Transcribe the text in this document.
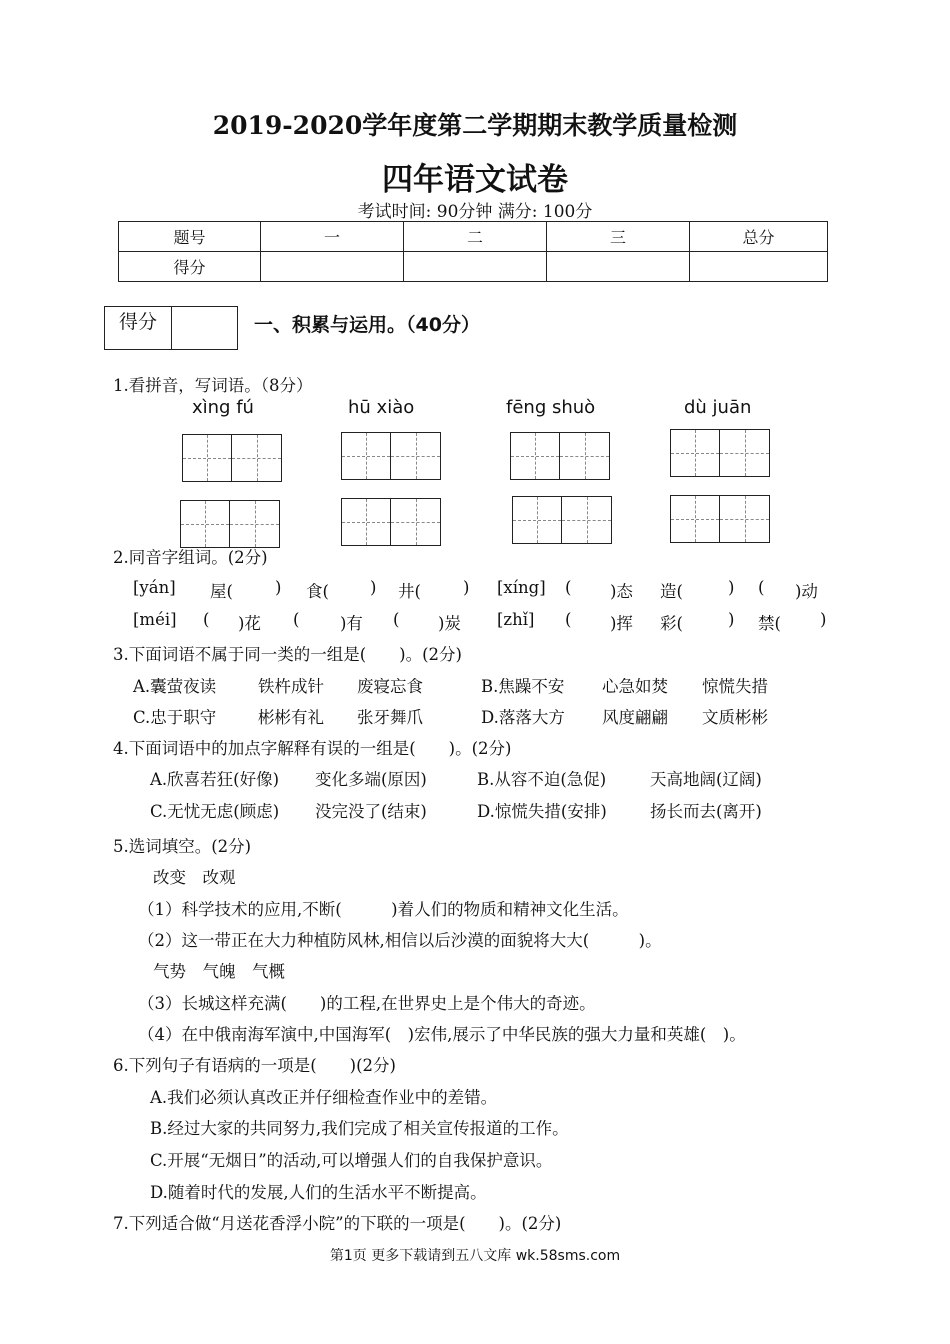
2019-2020学年度第二学期期末教学质量检测
四年语文试卷
考试时间: 90分钟 满分: 100分
题号	一	二	三	总分
得分				
得分	一、积累与运用。（40分）
1.看拼音，写词语。（8分）
xìng fú	hū xiào	fēng shuò	dù juān
2.同音字组词。(2分)
[yán] 屋(	) 食( ) 井(	) [xíng] ( )态 造(	) ( )动
[méi] ( )花 ( )有 ( )炭 [zhǐ] ( )挥 彩(	) 禁( )
3.下面词语不属于同一类的一组是(　　)。(2分)
A.囊萤夜读	铁杵成针 废寝忘食	B.焦躁不安 心急如焚 惊慌失措
C.忠于职守	彬彬有礼 张牙舞爪	D.落落大方 风度翩翩 文质彬彬
4.下面词语中的加点字解释有误的一组是(　　)。(2分)
A.欣喜若狂(好像) 变化多端(原因)	B.从容不迫(急促)	天高地阔(辽阔)
C.无忧无虑(顾虑) 没完没了(结束)	D.惊慌失措(安排)	扬长而去(离开)
5.选词填空。(2分)
改变　改观
（1）科学技术的应用,不断(　　　)着人们的物质和精神文化生活。
（2）这一带正在大力种植防风林,相信以后沙漠的面貌将大大(　　　)。
气势　气魄　气概
（3）长城这样充满(　　)的工程,在世界史上是个伟大的奇迹。
（4）在中俄南海军演中,中国海军(　)宏伟,展示了中华民族的强大力量和英雄(　)。
6.下列句子有语病的一项是(　　)(2分)
A.我们必须认真改正并仔细检查作业中的差错。
B.经过大家的共同努力,我们完成了相关宣传报道的工作。
C.开展“无烟日”的活动,可以增强人们的自我保护意识。
D.随着时代的发展,人们的生活水平不断提高。
7.下列适合做“月送花香浮小院”的下联的一项是(　　)。(2分)
第1页 更多下载请到五八文库 wk.58sms.com
